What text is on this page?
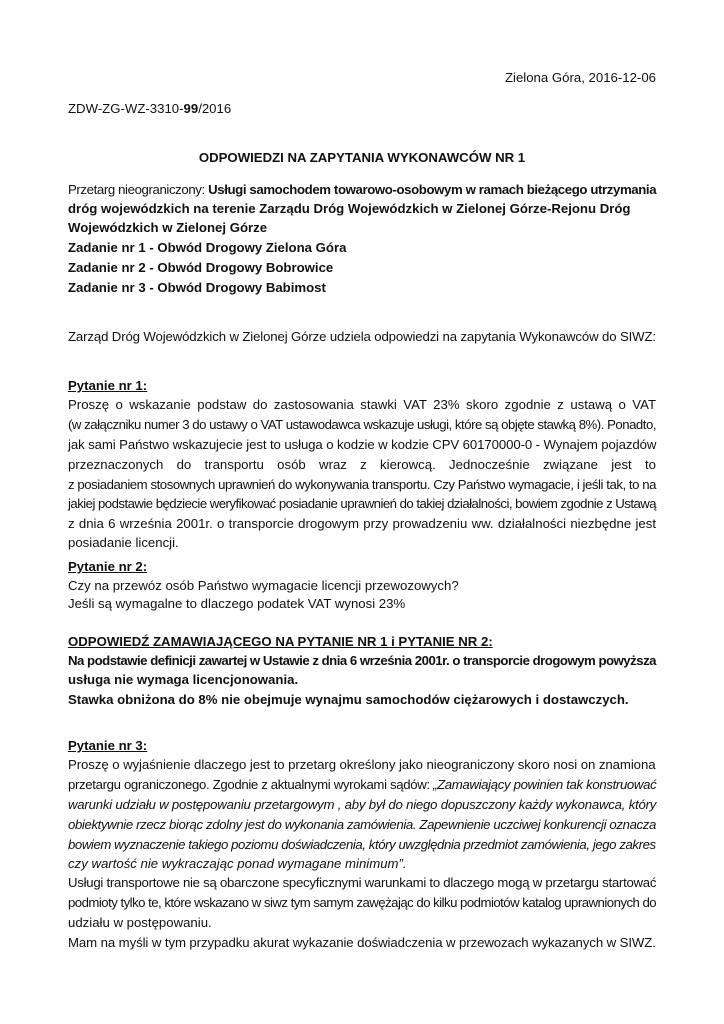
Zielona Góra, 2016-12-06
ZDW-ZG-WZ-3310-99/2016
ODPOWIEDZI NA ZAPYTANIA WYKONAWCÓW NR 1
Przetarg nieograniczony: Usługi samochodem towarowo-osobowym w ramach bieżącego utrzymania
dróg wojewódzkich na terenie Zarządu Dróg Wojewódzkich w Zielonej Górze-Rejonu Dróg
Wojewódzkich w Zielonej Górze
Zadanie nr 1 - Obwód Drogowy Zielona Góra
Zadanie nr 2 - Obwód Drogowy Bobrowice
Zadanie nr 3 - Obwód Drogowy Babimost
Zarząd Dróg Wojewódzkich w Zielonej Górze udziela odpowiedzi na zapytania Wykonawców do SIWZ:
Pytanie nr 1:
Proszę o wskazanie podstaw do zastosowania stawki VAT 23% skoro zgodnie z ustawą o VAT
(w załączniku numer 3 do ustawy o VAT ustawodawca wskazuje usługi, które są objęte stawką 8%). Ponadto,
jak sami Państwo wskazujecie jest to usługa o kodzie w kodzie CPV 60170000-0 - Wynajem pojazdów
przeznaczonych do transportu osób wraz z kierowcą. Jednocześnie związane jest to
z posiadaniem stosownych uprawnień do wykonywania transportu. Czy Państwo wymagacie, i jeśli tak, to na
jakiej podstawie będziecie weryfikować posiadanie uprawnień do takiej działalności, bowiem zgodnie z Ustawą
z dnia 6 września 2001r. o transporcie drogowym przy prowadzeniu ww. działalności niezbędne jest
posiadanie licencji.
Pytanie nr 2:
Czy na przewóz osób Państwo wymagacie licencji przewozowych?
Jeśli są wymagalne to dlaczego podatek VAT wynosi 23%
ODPOWIEDŹ ZAMAWIAJĄCEGO NA PYTANIE NR 1 i PYTANIE NR 2:
Na podstawie definicji zawartej w Ustawie z dnia 6 września 2001r. o transporcie drogowym powyższa
usługa nie wymaga licencjonowania.
Stawka obniżona do 8% nie obejmuje wynajmu samochodów ciężarowych i dostawczych.
Pytanie nr 3:
Proszę o wyjaśnienie dlaczego jest to przetarg określony jako nieograniczony skoro nosi on znamiona
przetargu ograniczonego. Zgodnie z aktualnymi wyrokami sądów: „Zamawiający powinien tak konstruować
warunki udziału w postępowaniu przetargowym , aby był do niego dopuszczony każdy wykonawca, który
obiektywnie rzecz biorąc zdolny jest do wykonania zamówienia. Zapewnienie uczciwej konkurencji oznacza
bowiem wyznaczenie takiego poziomu doświadczenia, który uwzględnia przedmiot zamówienia, jego zakres
czy wartość nie wykraczając ponad wymagane minimum”.
Usługi transportowe nie są obarczone specyficznymi warunkami to dlaczego mogą w przetargu startować
podmioty tylko te, które wskazano w siwz tym samym zawężając do kilku podmiotów katalog uprawnionych do
udziału w postępowaniu.
Mam na myśli w tym przypadku akurat wykazanie doświadczenia w przewozach wykazanych w SIWZ.
